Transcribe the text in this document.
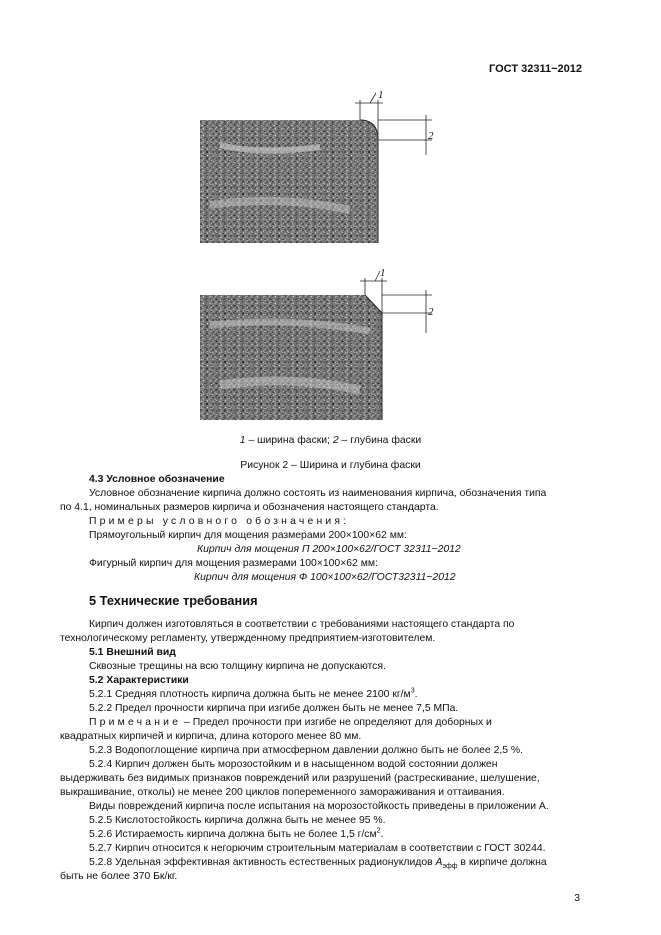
ГОСТ 32311−2012
1
2
1
2
1 – ширина фаски; 2 – глубина фаски
Рисунок 2 – Ширина и глубина фаски
4.3 Условное обозначение
Условное обозначение кирпича должно состоять из наименования кирпича, обозначения типа
по 4.1, номинальных размеров кирпича и обозначения настоящего стандарта.
Примеры условного обозначения:
Прямоугольный кирпич для мощения размерами 200×100×62 мм:
Кирпич для мощения П 200×100×62/ГОСТ 32311−2012
Фигурный кирпич для мощения размерами 100×100×62 мм:
Кирпич для мощения Ф 100×100×62/ГОСТ32311−2012
5 Технические требования
Кирпич должен изготовляться в соответствии с требованиями настоящего стандарта по
технологическому регламенту, утвержденному предприятием-изготовителем.
5.1 Внешний вид
Сквозные трещины на всю толщину кирпича не допускаются.
5.2 Характеристики
5.2.1 Средняя плотность кирпича должна быть не менее 2100 $кг/м^3$.
5.2.2 Предел прочности кирпича при изгибе должен быть не менее 7,5 МПа.
Примечание – Предел прочности при изгибе не определяют для доборных и
квадратных кирпичей и кирпича, длина которого менее 80 мм.
5.2.3 Водопоглощение кирпича при атмосферном давлении должно быть не более 2,5 %.
5.2.4 Кирпич должен быть морозостойким и в насыщенном водой состоянии должен
выдерживать без видимых признаков повреждений или разрушений (растрескивание, шелушение,
выкрашивание, отколы) не менее 200 циклов попеременного замораживания и оттаивания.
Виды повреждений кирпича после испытания на морозостойкость приведены в приложении А.
5.2.5 Кислотостойкость кирпича должна быть не менее 95 %.
5.2.6 Истираемость кирпича должна быть не более 1,5 $г/см^2$.
5.2.7 Кирпич относится к негорючим строительным материалам в соответствии с ГОСТ 30244.
5.2.8 Удельная эффективная активность естественных радионуклидов $A_{эфф}$ в кирпиче должна
быть не более 370 Бк/кг.
3
